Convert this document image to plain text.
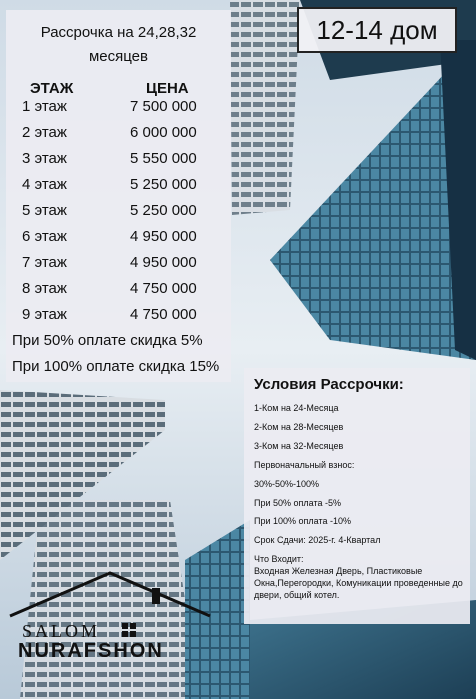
Рассрочка на 24,28,32
месяцев
ЭТАЖ	ЦЕНА
1 этаж	7 500 000
2 этаж	6 000 000
3 этаж	5 550 000
4 этаж	5 250 000
5 этаж	5 250 000
6 этаж	4 950 000
7 этаж	4 950 000
8 этаж	4 750 000
9 этаж	4 750 000
При 50% оплате скидка 5%
При 100% оплате скидка 15%
12-14 дом
Условия Рассрочки:
1-Ком на 24-Месяца
2-Ком на 28-Месяцев
3-Ком на 32-Месяцев
Первоначальный взнос:
30%-50%-100%
При 50% оплата -5%
При 100% оплата -10%
Срок Сдачи: 2025-г. 4-Квартал
Что Входит:
Входная Железная Дверь, Пластиковые Окна,Перегородки, Комуникации проведенные до двери, общий котел.
SALOM
NURAFSHON
